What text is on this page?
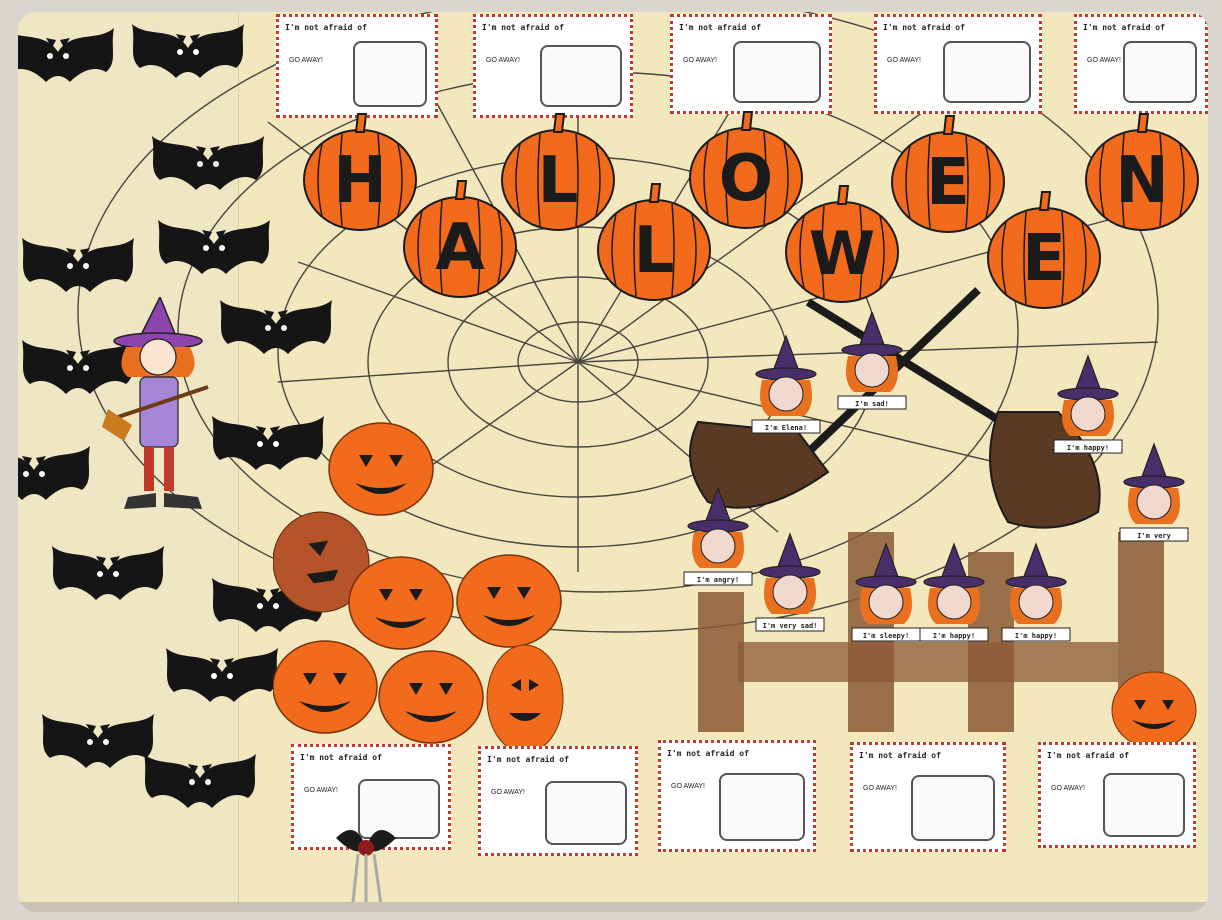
I'm not afraid of
GO AWAY!
I'm not afraid of
GO AWAY!
I'm not afraid of
GO AWAY!
I'm not afraid of
GO AWAY!
I'm not afraid of
GO AWAY!
H
A
L
L
O
W
E
E
N
I'm Elena!
I'm sad!
I'm happy!
I'm angry!
I'm very sad!
I'm sleepy!	I'm happy!	I'm happy!
I'm very
I'm not afraid of
GO AWAY!
I'm not afraid of
GO AWAY!
I'm not afraid of
GO AWAY!
I'm not afraid of
GO AWAY!
I'm not afraid of
GO AWAY!
